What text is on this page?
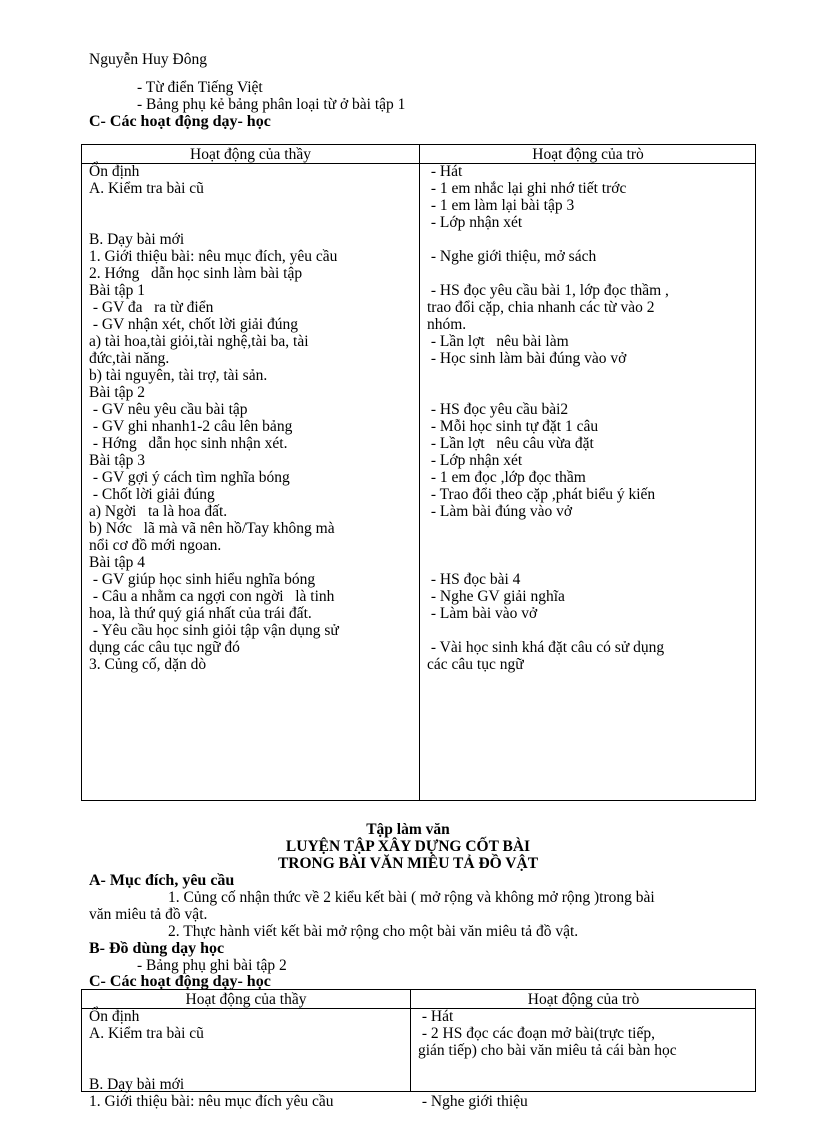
Nguyễn Huy Đông
- Từ điển Tiếng Việt
- Bảng phụ kẻ bảng phân loại từ ở bài tập 1
C- Các hoạt động dạy- học
Hoạt động của thầy	Hoạt động của trò
Ổn định
A. Kiểm tra bài cũ
B. Dạy bài mới
1. Giới thiệu bài: nêu mục đích, yêu cầu
2. Hớng   dẫn học sinh làm bài tập
Bài tập 1
- GV đa   ra từ điển
- GV nhận xét, chốt lời giải đúng
a) tài hoa,tài giỏi,tài nghệ,tài ba, tài
đức,tài năng.
b) tài nguyên, tài trợ, tài sản.
Bài tập 2
- GV nêu yêu cầu bài tập
- GV ghi nhanh1-2 câu lên bảng
- Hớng   dẫn học sinh nhận xét.
Bài tập 3
- GV gợi ý cách tìm nghĩa bóng
- Chốt lời giải đúng
a) Ngời   ta là hoa đất.
b) Nớc   lã mà vã nên hồ/Tay không mà
nổi cơ đồ mới ngoan.
Bài tập 4
- GV giúp học sinh hiểu nghĩa bóng
- Câu a nhằm ca ngợi con ngời   là tinh
hoa, là thứ quý giá nhất của trái đất.
- Yêu cầu học sinh giỏi tập vận dụng sử
dụng các câu tục ngữ đó
3. Củng cố, dặn dò
- Hát
- 1 em nhắc lại ghi nhớ tiết trớc
- 1 em làm lại bài tập 3
- Lớp nhận xét
- Nghe giới thiệu, mở sách
- HS đọc yêu cầu bài 1, lớp đọc thầm ,
trao đổi cặp, chia nhanh các từ vào 2
nhóm.
- Lần lợt   nêu bài làm
- Học sinh làm bài đúng vào vở
- HS đọc yêu cầu bài2
- Mỗi học sinh tự đặt 1 câu
- Lần lợt   nêu câu vừa đặt
- Lớp nhận xét
- 1 em đọc ,lớp đọc thầm
- Trao đổi theo cặp ,phát biểu ý kiến
- Làm bài đúng vào vở
- HS đọc bài 4
- Nghe GV giải nghĩa
- Làm bài vào vở
- Vài học sinh khá đặt câu có sử dụng
các câu tục ngữ
Tập làm văn
LUYỆN TẬP XÂY DỰNG CỐT BÀI
TRONG BÀI VĂN MIÊU TẢ ĐỒ VẬT
A- Mục đích, yêu cầu
1. Củng cố nhận thức về 2 kiểu kết bài ( mở rộng và không mở rộng )trong bài
văn miêu tả đồ vật.
2. Thực hành viết kết bài mở rộng cho một bài văn miêu tả đồ vật.
B- Đồ dùng dạy học
- Bảng phụ ghi bài tập 2
C- Các hoạt động dạy- học
Hoạt động của thầy	Hoạt động của trò
Ổn định
A. Kiểm tra bài cũ
B. Dạy bài mới
1. Giới thiệu bài: nêu mục đích yêu cầu
- Hát
- 2 HS đọc các đoạn mở bài(trực tiếp,
gián tiếp) cho bài văn miêu tả cái bàn học
- Nghe giới thiệu
